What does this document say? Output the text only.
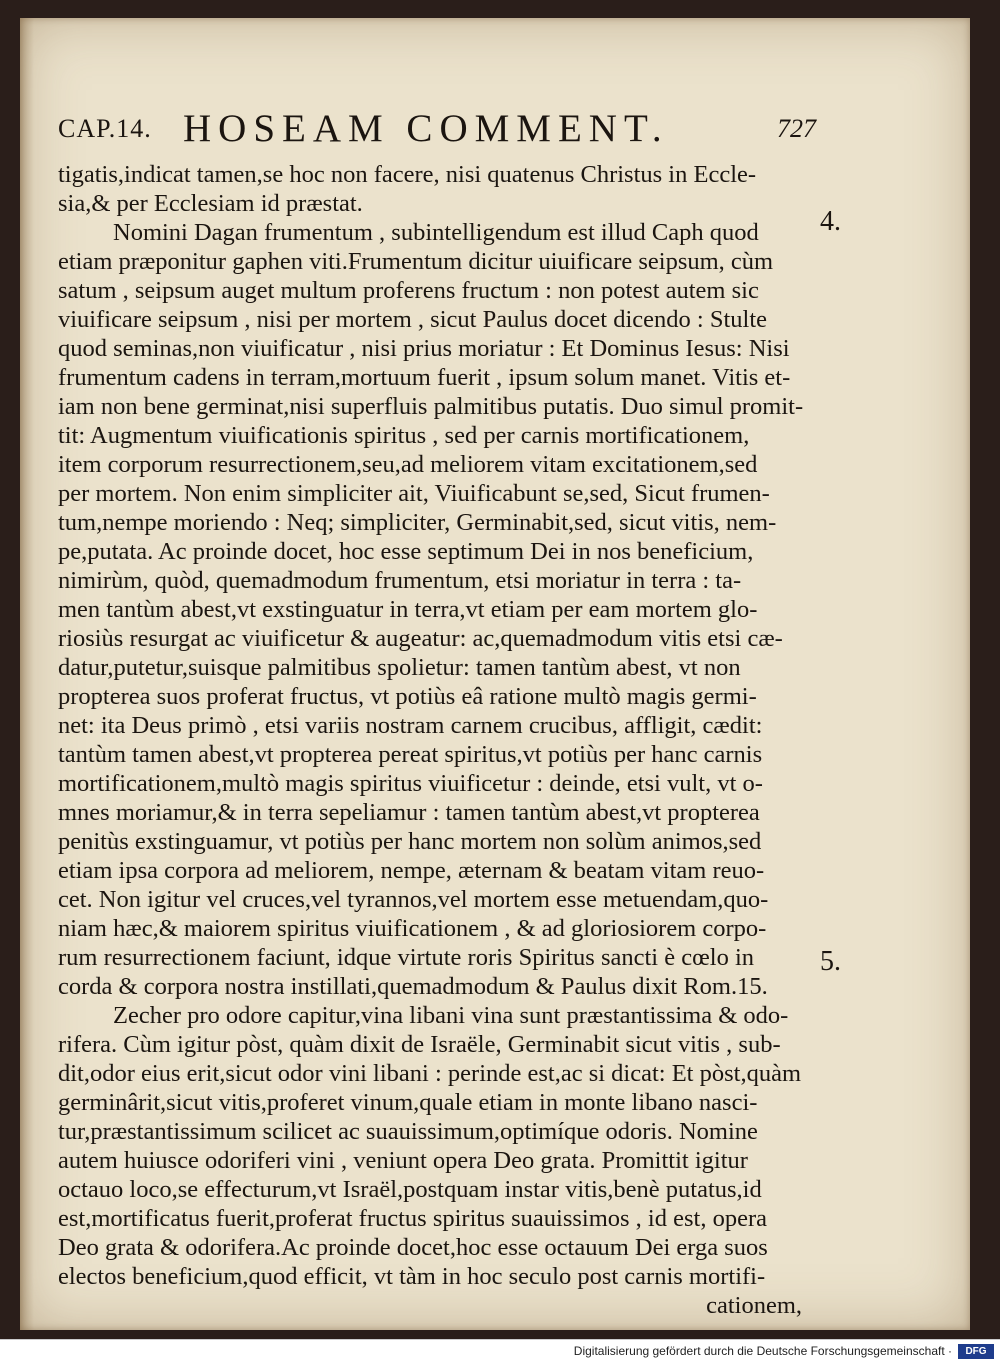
CAP.14. HOSEAM COMMENT.	727
4.
5.
tigatis,indicat tamen,se hoc non facere, nisi quatenus Christus in Eccle-
sia,& per Ecclesiam id præstat.
Nomini Dagan frumentum , subintelligendum est illud Caph quod
etiam præponitur gaphen viti.Frumentum dicitur uiuificare seipsum, cùm
satum , seipsum auget multum proferens fructum : non potest autem sic
viuificare seipsum , nisi per mortem , sicut Paulus docet dicendo : Stulte
quod seminas,non viuificatur , nisi prius moriatur : Et Dominus Iesus: Nisi
frumentum cadens in terram,mortuum fuerit , ipsum solum manet. Vitis et-
iam non bene germinat,nisi superfluis palmitibus putatis. Duo simul promit-
tit: Augmentum viuificationis spiritus , sed per carnis mortificationem,
item corporum resurrectionem,seu,ad meliorem vitam excitationem,sed
per mortem. Non enim simpliciter ait, Viuificabunt se,sed, Sicut frumen-
tum,nempe moriendo : Neq; simpliciter, Germinabit,sed, sicut vitis, nem-
pe,putata. Ac proinde docet, hoc esse septimum Dei in nos beneficium,
nimirùm, quòd, quemadmodum frumentum, etsi moriatur in terra : ta-
men tantùm abest,vt exstinguatur in terra,vt etiam per eam mortem glo-
riosiùs resurgat ac viuificetur & augeatur: ac,quemadmodum vitis etsi cæ-
datur,putetur,suisque palmitibus spolietur: tamen tantùm abest, vt non
propterea suos proferat fructus, vt potiùs eâ ratione multò magis germi-
net: ita Deus primò , etsi variis nostram carnem crucibus, affligit, cædit:
tantùm tamen abest,vt propterea pereat spiritus,vt potiùs per hanc carnis
mortificationem,multò magis spiritus viuificetur : deinde, etsi vult, vt o-
mnes moriamur,& in terra sepeliamur : tamen tantùm abest,vt propterea
penitùs exstinguamur, vt potiùs per hanc mortem non solùm animos,sed
etiam ipsa corpora ad meliorem, nempe, æternam & beatam vitam reuo-
cet. Non igitur vel cruces,vel tyrannos,vel mortem esse metuendam,quo-
niam hæc,& maiorem spiritus viuificationem , & ad gloriosiorem corpo-
rum resurrectionem faciunt, idque virtute roris Spiritus sancti è cœlo in
corda & corpora nostra instillati,quemadmodum & Paulus dixit Rom.15.
Zecher pro odore capitur,vina libani vina sunt præstantissima & odo-
rifera. Cùm igitur pòst, quàm dixit de Israële, Germinabit sicut vitis , sub-
dit,odor eius erit,sicut odor vini libani : perinde est,ac si dicat: Et pòst,quàm
germinârit,sicut vitis,proferet vinum,quale etiam in monte libano nasci-
tur,præstantissimum scilicet ac suauissimum,optimíque odoris. Nomine
autem huiusce odoriferi vini , veniunt opera Deo grata. Promittit igitur
octauo loco,se effecturum,vt Israël,postquam instar vitis,benè putatus,id
est,mortificatus fuerit,proferat fructus spiritus suauissimos , id est, opera
Deo grata & odorifera.Ac proinde docet,hoc esse octauum Dei erga suos
electos beneficium,quod efficit, vt tàm in hoc seculo post carnis mortifi-
cationem,
Digitalisierung gefördert durch die Deutsche Forschungsgemeinschaft ·	DFG
